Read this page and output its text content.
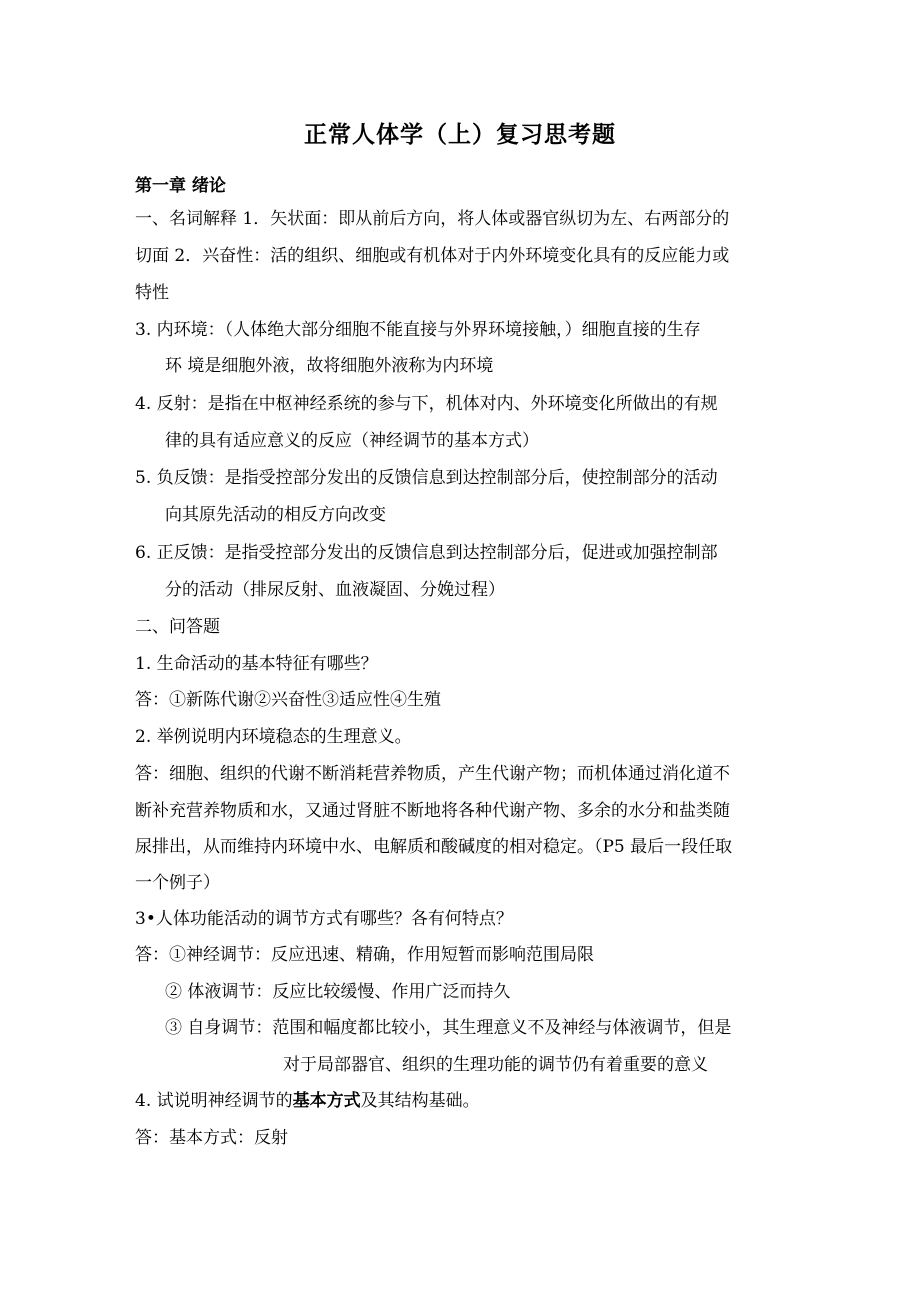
正常人体学（上）复习思考题
第一章 绪论
一、名词解释 1．矢状面：即从前后方向，将人体或器官纵切为左、右两部分的
切面 2．兴奋性：活的组织、细胞或有机体对于内外环境变化具有的反应能力或
特性
3. 内环境：（人体绝大部分细胞不能直接与外界环境接触，）细胞直接的生存
环 境是细胞外液，故将细胞外液称为内环境
4. 反射：是指在中枢神经系统的参与下，机体对内、外环境变化所做出的有规
律的具有适应意义的反应（神经调节的基本方式）
5. 负反馈：是指受控部分发出的反馈信息到达控制部分后，使控制部分的活动
向其原先活动的相反方向改变
6. 正反馈：是指受控部分发出的反馈信息到达控制部分后，促进或加强控制部
分的活动（排尿反射、血液凝固、分娩过程）
二、问答题
1. 生命活动的基本特征有哪些？
答：①新陈代谢②兴奋性③适应性④生殖
2. 举例说明内环境稳态的生理意义。
答：细胞、组织的代谢不断消耗营养物质，产生代谢产物；而机体通过消化道不
断补充营养物质和水，又通过肾脏不断地将各种代谢产物、多余的水分和盐类随
尿排出，从而维持内环境中水、电解质和酸碱度的相对稳定。（P5 最后一段任取
一个例子）
3•人体功能活动的调节方式有哪些？各有何特点？
答：①神经调节：反应迅速、精确，作用短暂而影响范围局限
② 体液调节：反应比较缓慢、作用广泛而持久
③ 自身调节：范围和幅度都比较小，其生理意义不及神经与体液调节，但是
对于局部器官、组织的生理功能的调节仍有着重要的意义
4. 试说明神经调节的基本方式及其结构基础。
答：基本方式：反射
